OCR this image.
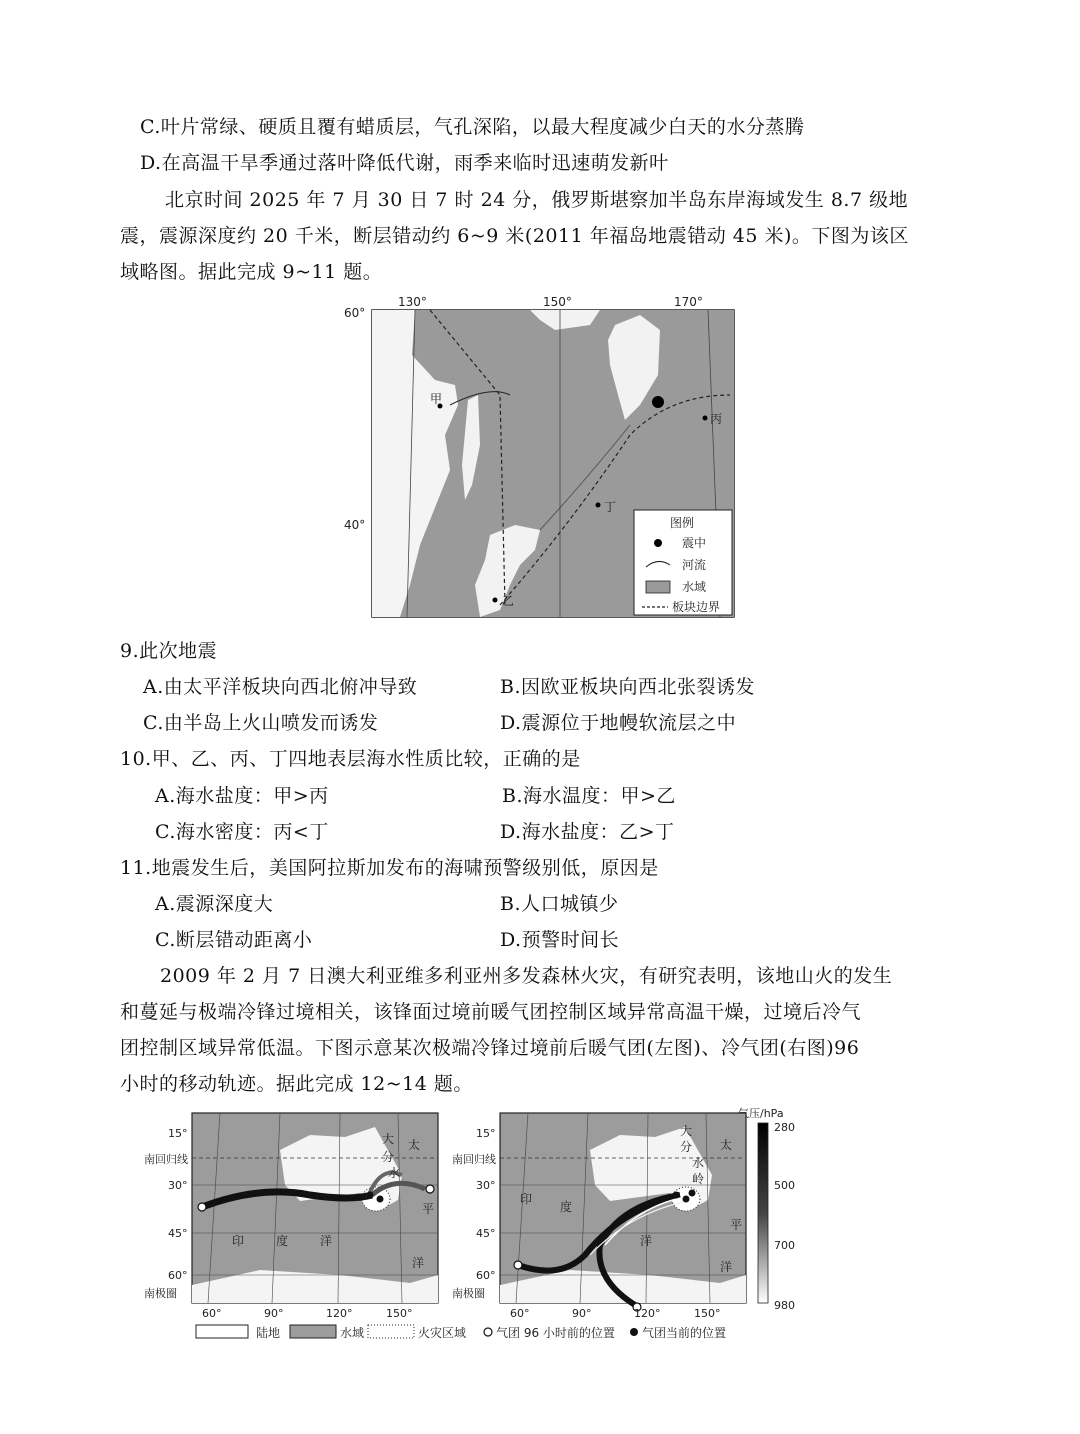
C.叶片常绿、硬质且覆有蜡质层，气孔深陷，以最大程度减少白天的水分蒸腾
D.在高温干旱季通过落叶降低代谢，雨季来临时迅速萌发新叶
北京时间 2025 年 7 月 30 日 7 时 24 分，俄罗斯堪察加半岛东岸海域发生 8.7 级地
震，震源深度约 20 千米，断层错动约 6~9 米(2011 年福岛地震错动 45 米)。下图为该区
域略图。据此完成 9~11 题。
甲
丙
丁
乙
130°	150°	170°
60°
40°	图例
震中
河流
水域
板块边界
9.此次地震
A.由太平洋板块向西北俯冲导致	B.因欧亚板块向西北张裂诱发
C.由半岛上火山喷发而诱发	D.震源位于地幔软流层之中
10.甲、乙、丙、丁四地表层海水性质比较，正确的是
A.海水盐度：甲>丙	B.海水温度：甲>乙
C.海水密度：丙<丁	D.海水盐度：乙>丁
11.地震发生后，美国阿拉斯加发布的海啸预警级别低，原因是
A.震源深度大	B.人口城镇少
C.断层错动距离小	D.预警时间长
2009 年 2 月 7 日澳大利亚维多利亚州多发森林火灾，有研究表明，该地山火的发生
和蔓延与极端冷锋过境相关，该锋面过境前暖气团控制区域异常高温干燥，过境后冷气
团控制区域异常低温。下图示意某次极端冷锋过境前后暖气团(左图)、冷气团(右图)96
小时的移动轨迹。据此完成 12~14 题。
大 太
分
水
平
印	度	洋
洋
大
太
分
水
岭
印
度
平
洋
洋
15°
南回归线
30°
45°
60°
南极圈
15°
南回归线
30°
45°
60°
南极圈
60°	90°	120°	150°	60°	90°	120°	150°
气压/hPa
280
500
700
980
陆地	水域	火灾区域 气团 96 小时前的位置 气团当前的位置
